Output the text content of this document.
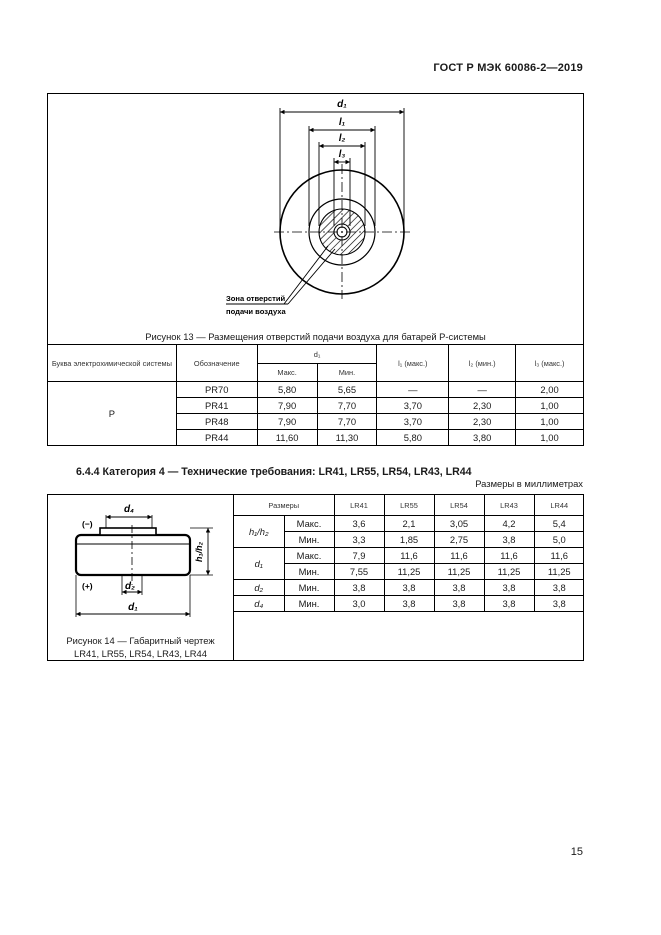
ГОСТ Р МЭК 60086-2—2019
d₁
l₁
l₂
l₃
Зона отверстий
подачи воздуха
Рисунок 13 — Размещения отверстий подачи воздуха для батарей P-системы
Буква электрохимической системы	Обозначение	d₁		l₁ (макс.)	l₂ (мин.)	l₃ (макс.)
		Макс.	Мин.			
P	PR70	5,80	5,65	—	—	2,00
	PR41	7,90	7,70	3,70	2,30	1,00
	PR48	7,90	7,70	3,70	2,30	1,00
	PR44	11,60	11,30	5,80	3,80	1,00
6.4.4 Категория 4 — Технические требования: LR41, LR55, LR54, LR43, LR44
Размеры в миллиметрах
d₄
(−)
(+)	d₂
d₁
h₁/h₂
Рисунок 14 — Габаритный чертеж
LR41, LR55, LR54, LR43, LR44
Размеры		LR41	LR55	LR54	LR43	LR44
h₁/h₂	Макс.	3,6	2,1	3,05	4,2	5,4
	Мин.	3,3	1,85	2,75	3,8	5,0
d₁	Макс.	7,9	11,6	11,6	11,6	11,6
	Мин.	7,55	11,25	11,25	11,25	11,25
d₂	Мин.	3,8	3,8	3,8	3,8	3,8
d₄	Мин.	3,0	3,8	3,8	3,8	3,8
15
